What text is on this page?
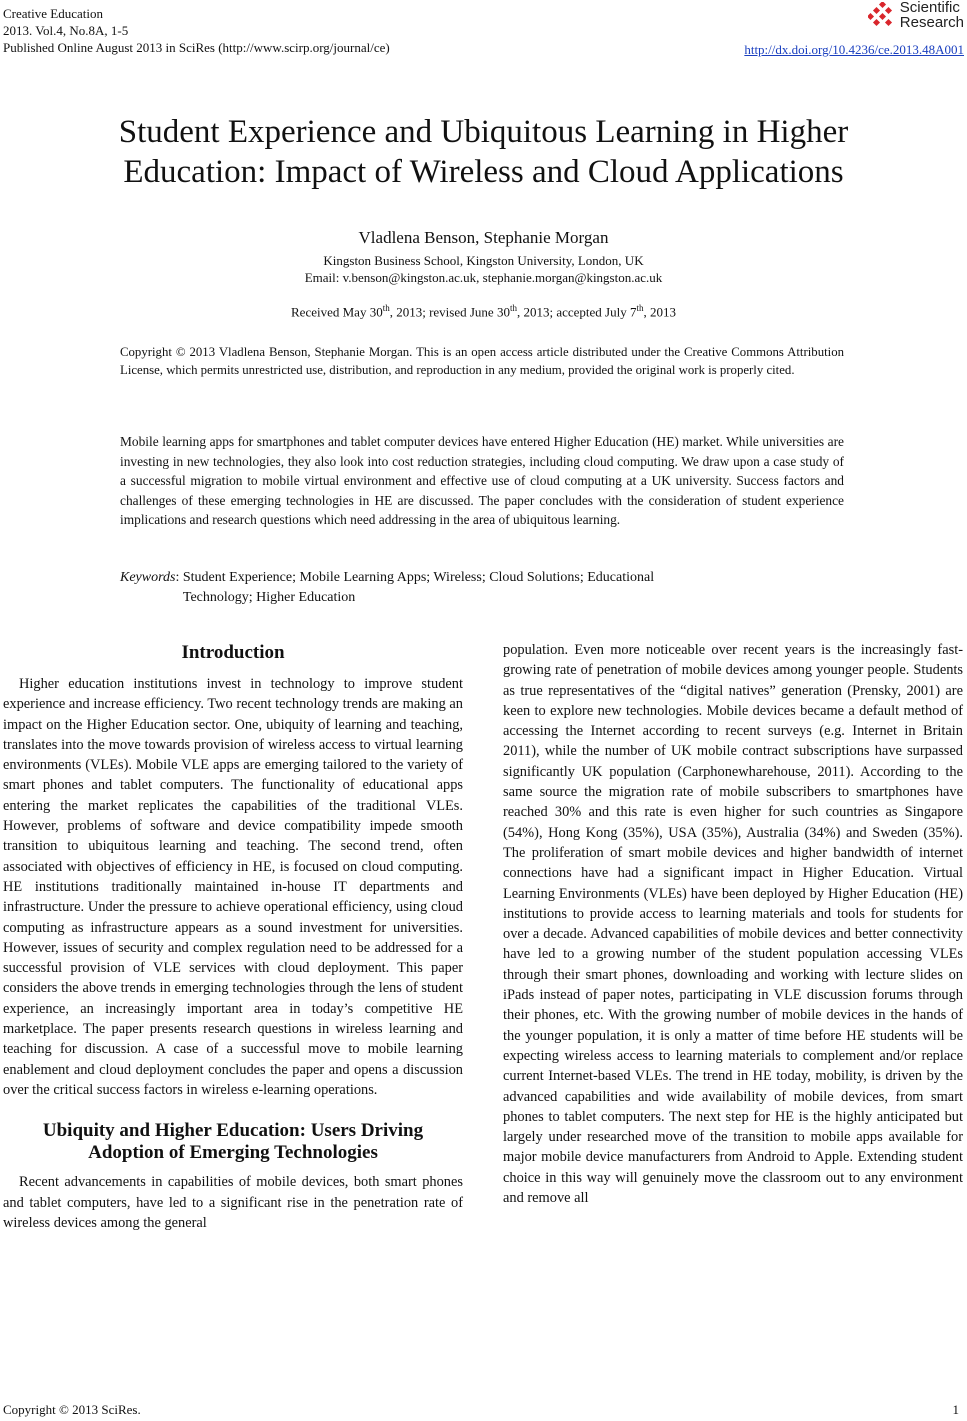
Creative Education
2013. Vol.4, No.8A, 1-5
Published Online August 2013 in SciRes (http://www.scirp.org/journal/ce)
Scientific
Research
http://dx.doi.org/10.4236/ce.2013.48A001
Student Experience and Ubiquitous Learning in Higher
Education: Impact of Wireless and Cloud Applications
Vladlena Benson, Stephanie Morgan
Kingston Business School, Kingston University, London, UK
Email: v.benson@kingston.ac.uk, stephanie.morgan@kingston.ac.uk
Received May 30th, 2013; revised June 30th, 2013; accepted July 7th, 2013
Copyright © 2013 Vladlena Benson, Stephanie Morgan. This is an open access article distributed under the Creative Commons Attribution License, which permits unrestricted use, distribution, and reproduction in any medium, provided the original work is properly cited.
Mobile learning apps for smartphones and tablet computer devices have entered Higher Education (HE) market. While universities are investing in new technologies, they also look into cost reduction strategies, including cloud computing. We draw upon a case study of a successful migration to mobile virtual environment and effective use of cloud computing at a UK university. Success factors and challenges of these emerging technologies in HE are discussed. The paper concludes with the consideration of student experience implications and research questions which need addressing in the area of ubiquitous learning.
Keywords : Student Experience; Mobile Learning Apps; Wireless; Cloud Solutions; Educational
Technology; Higher Education
Introduction

Higher education institutions invest in technology to improve student experience and increase efficiency. Two recent technology trends are making an impact on the Higher Education sector. One, ubiquity of learning and teaching, translates into the move towards provision of wireless access to virtual learning environments (VLEs). Mobile VLE apps are emerging tailored to the variety of smart phones and tablet computers. The functionality of educational apps entering the market replicates the capabilities of the traditional VLEs. However, problems of software and device compatibility impede smooth transition to ubiquitous learning and teaching. The second trend, often associated with objectives of efficiency in HE, is focused on cloud computing. HE institutions traditionally maintained in-house IT departments and infrastructure. Under the pressure to achieve operational efficiency, using cloud computing as infrastructure appears as a sound investment for universities. However, issues of security and complex regulation need to be addressed for a successful provision of VLE services with cloud deployment. This paper considers the above trends in emerging technologies through the lens of student experience, an increasingly important area in today’s competitive HE marketplace. The paper presents research questions in wireless learning and teaching for discussion. A case of a successful move to mobile learning enablement and cloud deployment concludes the paper and opens a discussion over the critical success factors in wireless e-learning operations.

Ubiquity and Higher Education: Users Driving
Adoption of Emerging Technologies

Recent advancements in capabilities of mobile devices, both smart phones and tablet computers, have led to a significant rise in the penetration rate of wireless devices among the general

population. Even more noticeable over recent years is the increasingly fast-growing rate of penetration of mobile devices among younger people. Students as true representatives of the “digital natives” generation (Prensky, 2001) are keen to explore new technologies. Mobile devices became a default method of accessing the Internet according to recent surveys (e.g. Internet in Britain 2011), while the number of UK mobile contract subscriptions have surpassed significantly UK population (Carphonewharehouse, 2011). According to the same source the migration rate of mobile subscribers to smartphones have reached 30% and this rate is even higher for such countries as Singapore (54%), Hong Kong (35%), USA (35%), Australia (34%) and Sweden (35%). The proliferation of smart mobile devices and higher bandwidth of internet connections have had a significant impact in Higher Education. Virtual Learning Environments (VLEs) have been deployed by Higher Education (HE) institutions to provide access to learning materials and tools for students for over a decade. Advanced capabilities of mobile devices and better connectivity have led to a growing number of the student population accessing VLEs through their smart phones, downloading and working with lecture slides on iPads instead of paper notes, participating in VLE discussion forums through their phones, etc. With the growing number of mobile devices in the hands of the younger population, it is only a matter of time before HE students will be expecting wireless access to learning materials to complement and/or replace current Internet-based VLEs. The trend in HE today, mobility, is driven by the advanced capabilities and wide availability of mobile devices, from smart phones to tablet computers. The next step for HE is the highly anticipated but largely under researched move of the transition to mobile apps available for major mobile device manufacturers from Android to Apple. Extending student choice in this way will genuinely move the classroom out to any environment and remove all

Copyright © 2013 SciRes.	1
